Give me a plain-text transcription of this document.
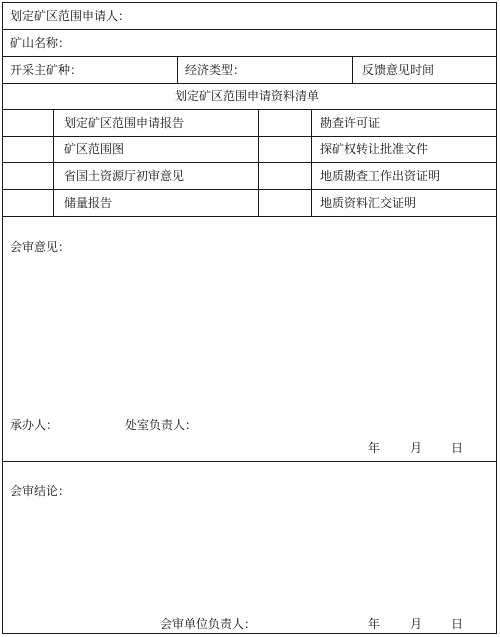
划定矿区范围申请人：
矿山名称：
开采主矿种：	经济类型：	反馈意见时间
划定矿区范围申请资料清单
划定矿区范围申请报告	勘查许可证
矿区范围图	探矿权转让批准文件
省国土资源厅初审意见	地质勘查工作出资证明
储量报告	地质资料汇交证明
会审意见：
承办人：	处室负责人：
年 月 日
会审结论：
会审单位负责人：	年 月 日
